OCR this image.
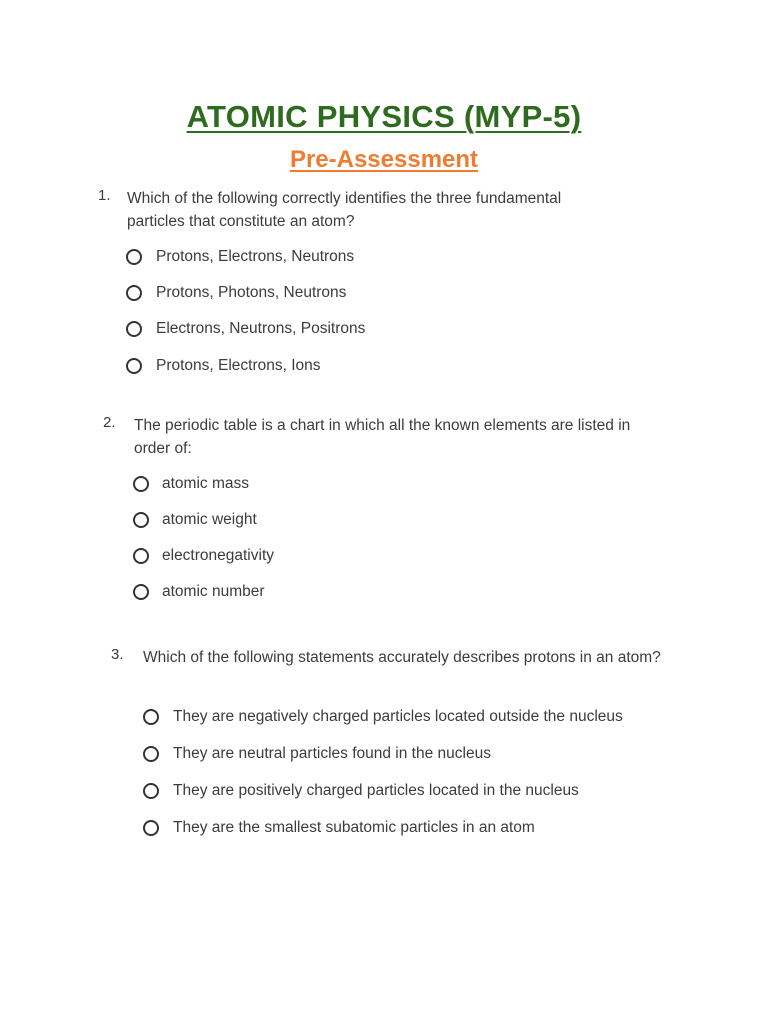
ATOMIC PHYSICS (MYP-5)
Pre-Assessment
1. Which of the following correctly identifies the three fundamental particles that constitute an atom?
Protons, Electrons, Neutrons
Protons, Photons, Neutrons
Electrons, Neutrons, Positrons
Protons, Electrons, Ions
2. The periodic table is a chart in which all the known elements are listed in order of:
atomic mass
atomic weight
electronegativity
atomic number
3. Which of the following statements accurately describes protons in an atom?
They are negatively charged particles located outside the nucleus
They are neutral particles found in the nucleus
They are positively charged particles located in the nucleus
They are the smallest subatomic particles in an atom
